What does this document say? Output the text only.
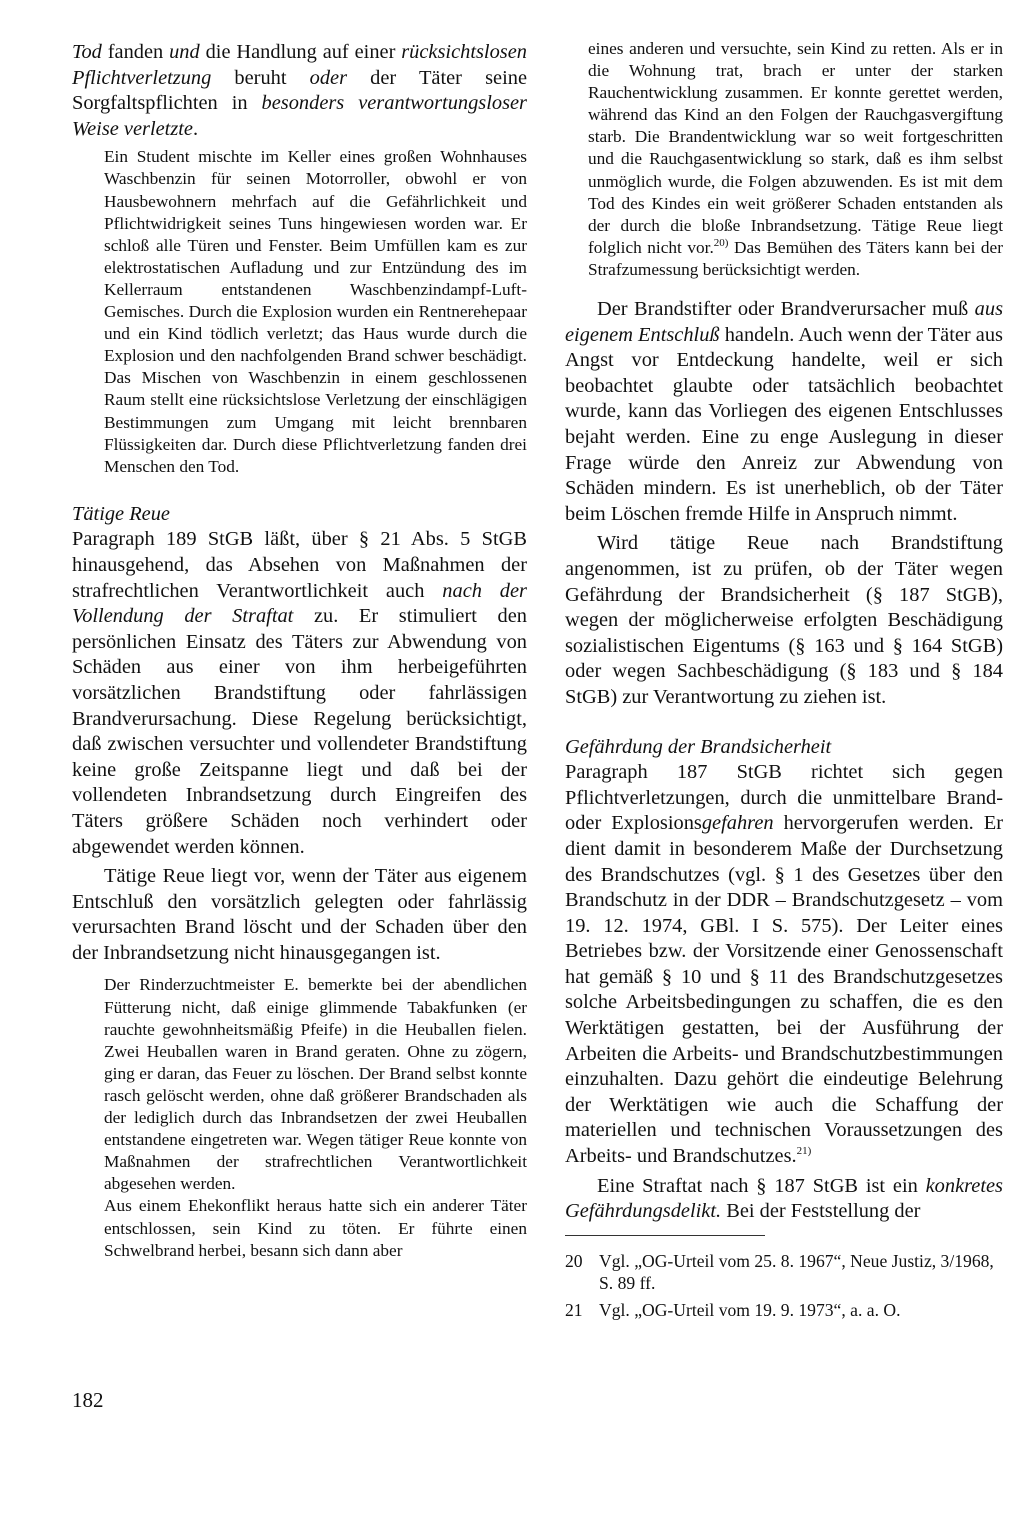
Tod fanden und die Handlung auf einer rücksichtslosen Pflichtverletzung beruht oder der Täter seine Sorgfaltspflichten in besonders verantwortungsloser Weise verletzte.

Ein Student mischte im Keller eines großen Wohnhauses Waschbenzin für seinen Motorroller, obwohl er von Hausbewohnern mehrfach auf die Gefährlichkeit und Pflichtwidrigkeit seines Tuns hingewiesen worden war. Er schloß alle Türen und Fenster. Beim Umfüllen kam es zur elektrostatischen Aufladung und zur Entzündung des im Kellerraum entstandenen Waschbenzindampf-Luft-Gemisches. Durch die Explosion wurden ein Rentnerehepaar und ein Kind tödlich verletzt; das Haus wurde durch die Explosion und den nachfolgenden Brand schwer beschädigt. Das Mischen von Waschbenzin in einem geschlossenen Raum stellt eine rücksichtslose Verletzung der einschlägigen Bestimmungen zum Umgang mit leicht brennbaren Flüssigkeiten dar. Durch diese Pflichtverletzung fanden drei Menschen den Tod.

Tätige Reue

Paragraph 189 StGB läßt, über § 21 Abs. 5 StGB hinausgehend, das Absehen von Maßnahmen der strafrechtlichen Verantwortlichkeit auch nach der Vollendung der Straftat zu. Er stimuliert den persönlichen Einsatz des Täters zur Abwendung von Schäden aus einer von ihm herbeigeführten vorsätzlichen Brandstiftung oder fahrlässigen Brandverursachung. Diese Regelung berücksichtigt, daß zwischen versuchter und vollendeter Brandstiftung keine große Zeitspanne liegt und daß bei der vollendeten Inbrandsetzung durch Eingreifen des Täters größere Schäden noch verhindert oder abgewendet werden können.

Tätige Reue liegt vor, wenn der Täter aus eigenem Entschluß den vorsätzlich gelegten oder fahrlässig verursachten Brand löscht und der Schaden über den der Inbrandsetzung nicht hinausgegangen ist.

Der Rinderzuchtmeister E. bemerkte bei der abendlichen Fütterung nicht, daß einige glimmende Tabakfunken (er rauchte gewohnheitsmäßig Pfeife) in die Heuballen fielen. Zwei Heuballen waren in Brand geraten. Ohne zu zögern, ging er daran, das Feuer zu löschen. Der Brand selbst konnte rasch gelöscht werden, ohne daß größerer Brandschaden als der lediglich durch das Inbrandsetzen der zwei Heuballen entstandene eingetreten war. Wegen tätiger Reue konnte von Maßnahmen der strafrechtlichen Verantwortlichkeit abgesehen werden.

Aus einem Ehekonflikt heraus hatte sich ein anderer Täter entschlossen, sein Kind zu töten. Er führte einen Schwelbrand herbei, besann sich dann aber

eines anderen und versuchte, sein Kind zu retten. Als er in die Wohnung trat, brach er unter der starken Rauchentwicklung zusammen. Er konnte gerettet werden, während das Kind an den Folgen der Rauchgasvergiftung starb. Die Brandentwicklung war so weit fortgeschritten und die Rauchgasentwicklung so stark, daß es ihm selbst unmöglich wurde, die Folgen abzuwenden. Es ist mit dem Tod des Kindes ein weit größerer Schaden entstanden als der durch die bloße Inbrandsetzung. Tätige Reue liegt folglich nicht vor.$^{20)}$ Das Bemühen des Täters kann bei der Strafzumessung berücksichtigt werden.

Der Brandstifter oder Brandverursacher muß aus eigenem Entschluß handeln. Auch wenn der Täter aus Angst vor Entdeckung handelte, weil er sich beobachtet glaubte oder tatsächlich beobachtet wurde, kann das Vorliegen des eigenen Entschlusses bejaht werden. Eine zu enge Auslegung in dieser Frage würde den Anreiz zur Abwendung von Schäden mindern. Es ist unerheblich, ob der Täter beim Löschen fremde Hilfe in Anspruch nimmt.

Wird tätige Reue nach Brandstiftung angenommen, ist zu prüfen, ob der Täter wegen Gefährdung der Brandsicherheit (§ 187 StGB), wegen der möglicherweise erfolgten Beschädigung sozialistischen Eigentums (§ 163 und § 164 StGB) oder wegen Sachbeschädigung (§ 183 und § 184 StGB) zur Verantwortung zu ziehen ist.

Gefährdung der Brandsicherheit

Paragraph 187 StGB richtet sich gegen Pflichtverletzungen, durch die unmittelbare Brand- oder Explosionsgefahren hervorgerufen werden. Er dient damit in besonderem Maße der Durchsetzung des Brandschutzes (vgl. § 1 des Gesetzes über den Brandschutz in der DDR – Brandschutzgesetz – vom 19. 12. 1974, GBl. I S. 575). Der Leiter eines Betriebes bzw. der Vorsitzende einer Genossenschaft hat gemäß § 10 und § 11 des Brandschutzgesetzes solche Arbeitsbedingungen zu schaffen, die es den Werktätigen gestatten, bei der Ausführung der Arbeiten die Arbeits- und Brandschutzbestimmungen einzuhalten. Dazu gehört die eindeutige Belehrung der Werktätigen wie auch die Schaffung der materiellen und technischen Voraussetzungen des Arbeits- und Brandschutzes.$^{21)}$

Eine Straftat nach § 187 StGB ist ein konkretes Gefährdungsdelikt. Bei der Feststellung der

20 Vgl. „OG-Urteil vom 25. 8. 1967“, Neue Justiz, 3/1968, S. 89 ff.
21 Vgl. „OG-Urteil vom 19. 9. 1973“, a. a. O.
182
